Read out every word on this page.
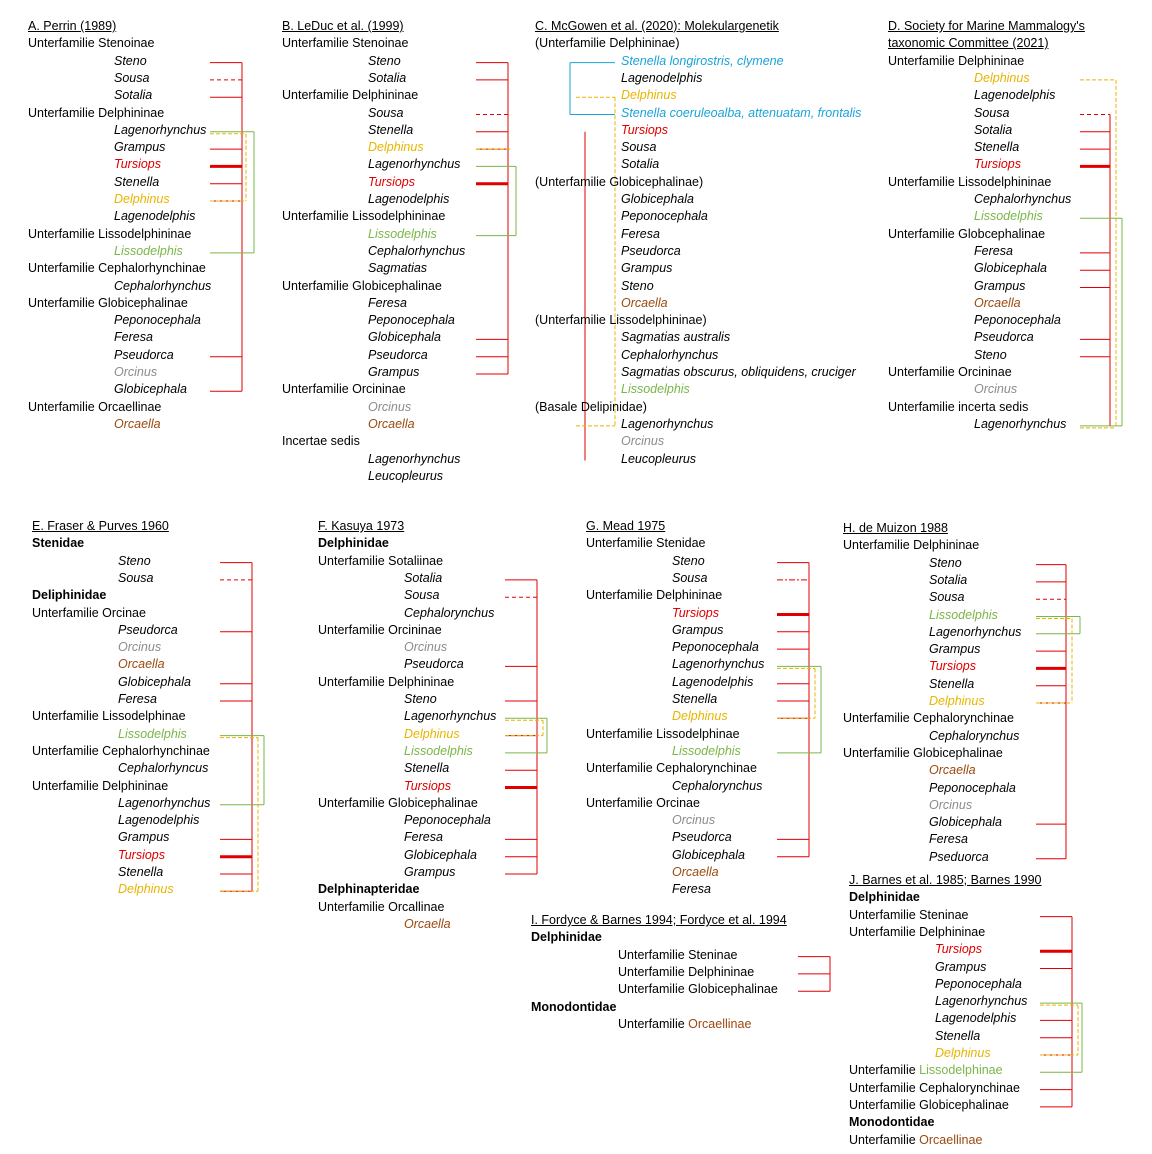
A. Perrin (1989)
Unterfamilie Stenoinae
Steno
Sousa
Sotalia
Unterfamilie Delphininae
Lagenorhynchus
Grampus
Tursiops
Stenella
Delphinus
Lagenodelphis
Unterfamilie Lissodelphininae
Lissodelphis
Unterfamilie Cephalorhynchinae
Cephalorhynchus
Unterfamilie Globicephalinae
Peponocephala
Feresa
Pseudorca
Orcinus
Globicephala
Unterfamilie Orcaellinae
Orcaella
B. LeDuc et al. (1999)
Unterfamilie Stenoinae
Steno
Sotalia
Unterfamilie Delphininae
Sousa
Stenella
Delphinus
Lagenorhynchus
Tursiops
Lagenodelphis
Unterfamilie Lissodelphininae
Lissodelphis
Cephalorhynchus
Sagmatias
Unterfamilie Globicephalinae
Feresa
Peponocephala
Globicephala
Pseudorca
Grampus
Unterfamilie Orcininae
Orcinus
Orcaella
Incertae sedis
Lagenorhynchus
Leucopleurus
C. McGowen et al. (2020): Molekulargenetik
(Unterfamilie Delphininae)
Stenella longirostris, clymene
Lagenodelphis
Delphinus
Stenella coeruleoalba, attenuatam, frontalis
Tursiops
Sousa
Sotalia
(Unterfamilie Globicephalinae)
Globicephala
Peponocephala
Feresa
Pseudorca
Grampus
Steno
Orcaella
(Unterfamilie Lissodelphininae)
Sagmatias australis
Cephalorhynchus
Sagmatias obscurus, obliquidens, cruciger
Lissodelphis
(Basale Delipinidae)
Lagenorhynchus
Orcinus
Leucopleurus
D. Society for Marine Mammalogy's
taxonomic Committee (2021)
Unterfamilie Delphininae
Delphinus
Lagenodelphis
Sousa
Sotalia
Stenella
Tursiops
Unterfamilie Lissodelphininae
Cephalorhynchus
Lissodelphis
Unterfamilie Globcephalinae
Feresa
Globicephala
Grampus
Orcaella
Peponocephala
Pseudorca
Steno
Unterfamilie Orcininae
Orcinus
Unterfamilie incerta sedis
Lagenorhynchus
E. Fraser & Purves 1960
Stenidae
Steno
Sousa
Deliphinidae
Unterfamilie Orcinae
Pseudorca
Orcinus
Orcaella
Globicephala
Feresa
Unterfamilie Lissodelphinae
Lissodelphis
Unterfamilie Cephalorhynchinae
Cephalorhyncus
Unterfamilie Delphininae
Lagenorhynchus
Lagenodelphis
Grampus
Tursiops
Stenella
Delphinus
F. Kasuya 1973
Delphinidae
Unterfamilie Sotaliinae
Sotalia
Sousa
Cephalorynchus
Unterfamilie Orcininae
Orcinus
Pseudorca
Unterfamilie Delphininae
Steno
Lagenorhynchus
Delphinus
Lissodelphis
Stenella
Tursiops
Unterfamilie Globicephalinae
Peponocephala
Feresa
Globicephala
Grampus
Delphinapteridae
Unterfamilie Orcallinae
Orcaella
G. Mead 1975
Unterfamilie Stenidae
Steno
Sousa
Unterfamilie Delphininae
Tursiops
Grampus
Peponocephala
Lagenorhynchus
Lagenodelphis
Stenella
Delphinus
Unterfamilie Lissodelphinae
Lissodelphis
Unterfamilie Cephalorynchinae
Cephalorynchus
Unterfamilie Orcinae
Orcinus
Pseudorca
Globicephala
Orcaella
Feresa
H. de Muizon 1988
Unterfamilie Delphininae
Steno
Sotalia
Sousa
Lissodelphis
Lagenorhynchus
Grampus
Tursiops
Stenella
Delphinus
Unterfamilie Cephalorynchinae
Cephalorynchus
Unterfamilie Globicephalinae
Orcaella
Peponocephala
Orcinus
Globicephala
Feresa
Pseduorca
I. Fordyce & Barnes 1994; Fordyce et al. 1994
Delphinidae
Unterfamilie Steninae
Unterfamilie Delphininae
Unterfamilie Globicephalinae
Monodontidae
Unterfamilie Orcaellinae
J. Barnes et al. 1985; Barnes 1990
Delphinidae
Unterfamilie Steninae
Unterfamilie Delphininae
Tursiops
Grampus
Peponocephala
Lagenorhynchus
Lagenodelphis
Stenella
Delphinus
Unterfamilie Lissodelphinae
Unterfamilie Cephalorynchinae
Unterfamilie Globicephalinae
Monodontidae
Unterfamilie Orcaellinae
